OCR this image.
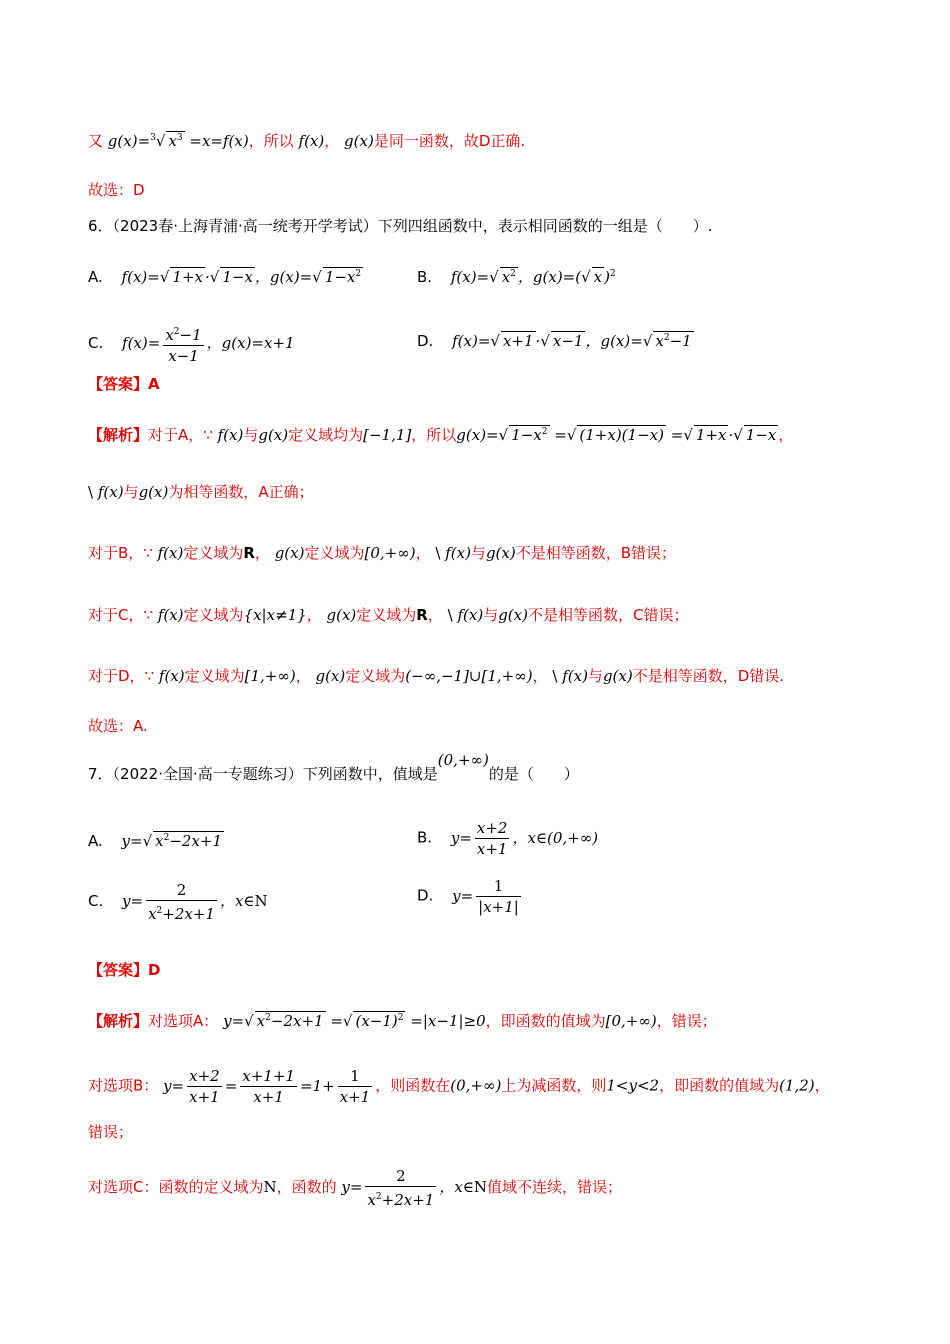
又 g(x)=$^3$√ $x^3 =x=f(x)$，所以 f(x)， g(x)是同一函数，故D正确.
故选：D
6．（2023春·上海青浦·高一统考开学考试）下列四组函数中，表示相同函数的一组是（　　）.
A. f(x)=√ 1+x ·√ 1−x ，g(x)=√ $1-x^2$	B. f(x)=√ $x^2$ ，g(x)=(√ x )$^2$
C. $f(x)= \frac{x^2-1}{x-1}$ ，g(x)=x+1	D. f(x)=√ x+1 ·√ x−1 ，g(x)=√ $x^2-1$
【答案】A
【解析】对于A，∵ f(x)与g(x)定义域均为[−1,1]，所以g(x)=√ $1-x^2$ =√ (1+x)(1−x) =√ 1+x ·√ 1−x ，
\ f(x)与g(x)为相等函数，A正确；
对于B，∵ f(x)定义域为R， g(x)定义域为[0,+∞)， \ f(x)与g(x)不是相等函数，B错误；
对于C，∵ f(x)定义域为{x|x≠1}， g(x)定义域为R， \ f(x)与g(x)不是相等函数，C错误；
对于D，∵ f(x)定义域为[1,+∞)， g(x)定义域为(−∞,−1]∪[1,+∞)， \ f(x)与g(x)不是相等函数，D错误.
故选：A.
7．（2022·全国·高一专题练习）下列函数中，值域是(0,+∞)的是（　　）
A. y=√ $x^2-2x+1$	B. $y= \frac{x+2}{x+1}$ ，x∈(0,+∞)
C. $y= \frac{2}{x^2+2x+1}$ ，x∈N	D. $y= \frac{1}{|x+1|}$
【答案】D
【解析】对选项A： y=√ $x^2-2x+1$ =√ $(x-1)^2 =|x-1|\ge 0$，即函数的值域为[0,+∞)，错误；
对选项B： $y= \frac{x+2}{x+1} = \frac{x+1+1}{x+1} =1+ \frac{1}{x+1}$ ，则函数在(0,+∞)上为减函数，则1<y<2，即函数的值域为(1,2)，
错误；
对选项C：函数的定义域为N，函数的 $y= \frac{2}{x^2+2x+1}$ ，x∈N值域不连续，错误；
